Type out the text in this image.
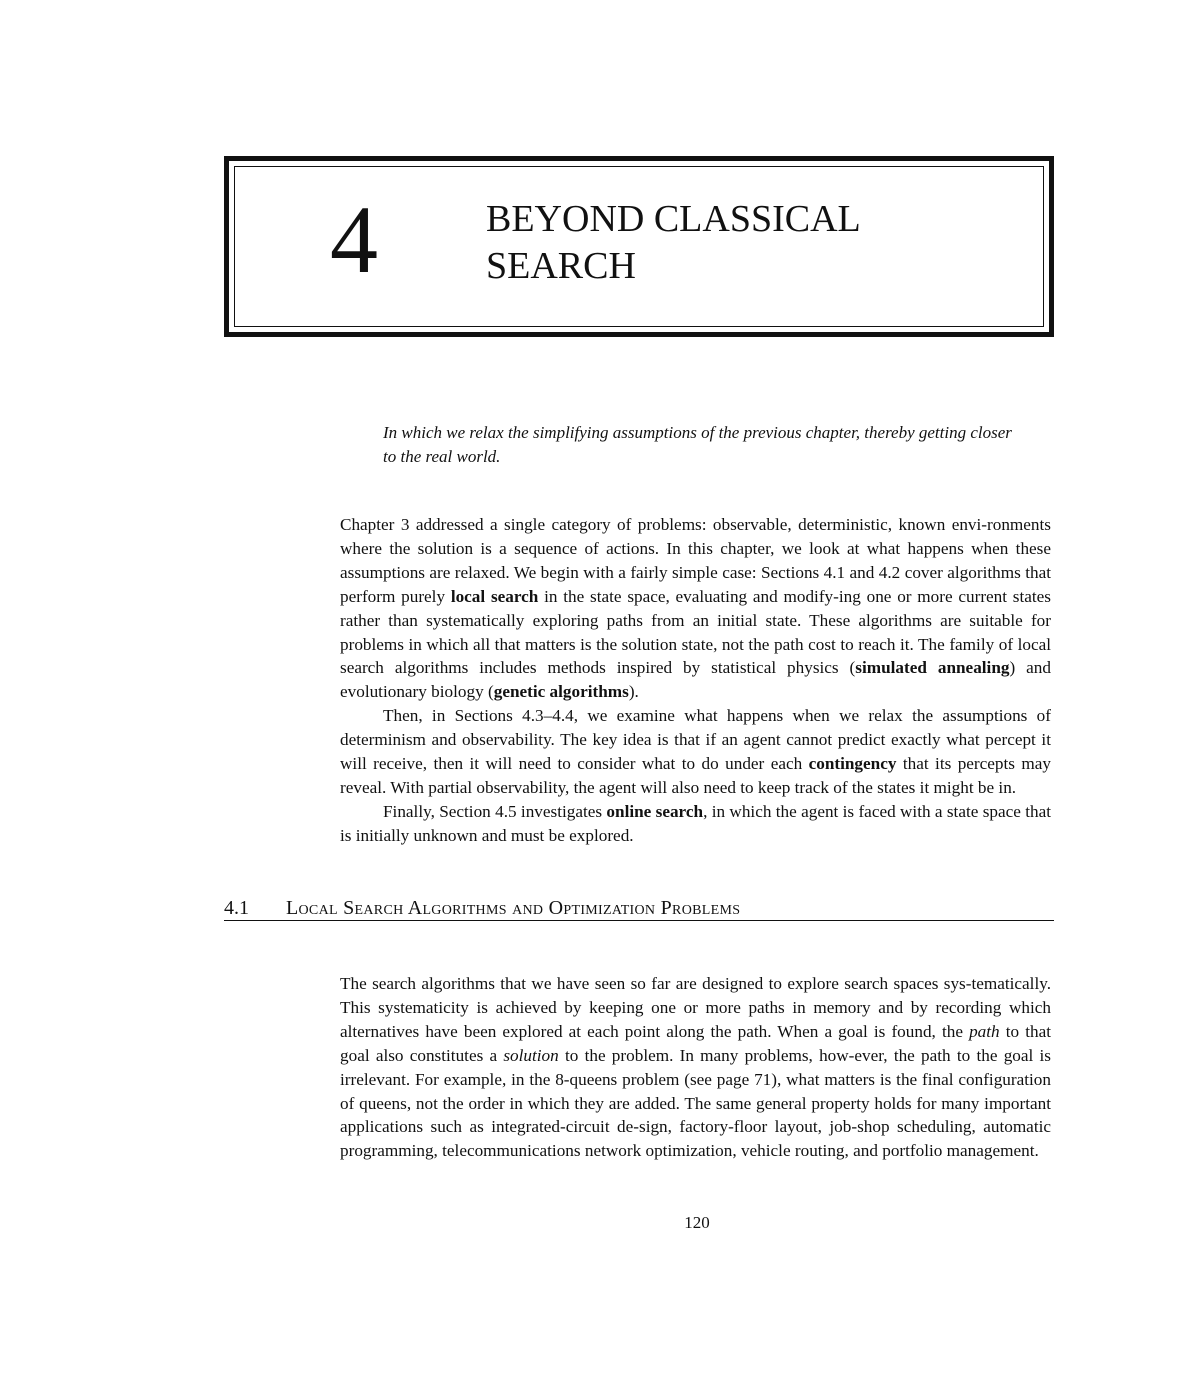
4	BEYOND CLASSICAL
SEARCH

In which we relax the simplifying assumptions of the previous chapter, thereby getting closer to the real world.

Chapter 3 addressed a single category of problems: observable, deterministic, known envi-ronments where the solution is a sequence of actions. In this chapter, we look at what happens when these assumptions are relaxed. We begin with a fairly simple case: Sections 4.1 and 4.2 cover algorithms that perform purely local search in the state space, evaluating and modify-ing one or more current states rather than systematically exploring paths from an initial state. These algorithms are suitable for problems in which all that matters is the solution state, not the path cost to reach it. The family of local search algorithms includes methods inspired by statistical physics (simulated annealing) and evolutionary biology (genetic algorithms).

Then, in Sections 4.3–4.4, we examine what happens when we relax the assumptions of determinism and observability. The key idea is that if an agent cannot predict exactly what percept it will receive, then it will need to consider what to do under each contingency that its percepts may reveal. With partial observability, the agent will also need to keep track of the states it might be in.

Finally, Section 4.5 investigates online search, in which the agent is faced with a state space that is initially unknown and must be explored.

4.1 Local Search Algorithms and Optimization Problems

The search algorithms that we have seen so far are designed to explore search spaces sys-tematically. This systematicity is achieved by keeping one or more paths in memory and by recording which alternatives have been explored at each point along the path. When a goal is found, the path to that goal also constitutes a solution to the problem. In many problems, how-ever, the path to the goal is irrelevant. For example, in the 8-queens problem (see page 71), what matters is the final configuration of queens, not the order in which they are added. The same general property holds for many important applications such as integrated-circuit de-sign, factory-floor layout, job-shop scheduling, automatic programming, telecommunications network optimization, vehicle routing, and portfolio management.

120
